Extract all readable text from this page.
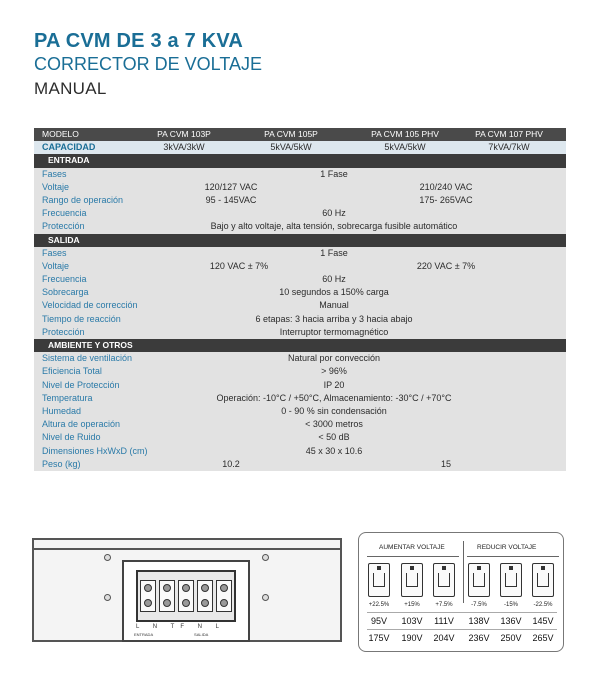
PA CVM DE 3 a 7 KVA
CORRECTOR DE VOLTAJE
MANUAL
MODELO	PA CVM 103P	PA CVM 105P	PA CVM 105 PHV	PA CVM 107 PHV
CAPACIDAD	3kVA/3kW	5kVA/5kW	5kVA/5kW	7kVA/7kW
ENTRADA
Fases	1 Fase
Voltaje	120/127 VAC	210/240 VAC
Rango de operación	95 - 145VAC	175- 265VAC
Frecuencia	60 Hz
Protección	Bajo y alto voltaje, alta tensión, sobrecarga fusible automático
SALIDA
Fases	1 Fase
Voltaje	120 VAC ± 7%	220 VAC ± 7%
Frecuencia	60 Hz
Sobrecarga	10 segundos a 150% carga
Velocidad de corrección	Manual
Tiempo de reacción	6 etapas: 3 hacia arriba y 3 hacia abajo
Protección	Interruptor termomagnético
AMBIENTE Y OTROS
Sistema de ventilación	Natural por convección
Eficiencia Total	> 96%
Nivel de Protección	IP 20
Temperatura	Operación: -10°C / +50°C, Almacenamiento: -30°C / +70°C
Humedad	0 - 90 % sin condensación
Altura de operación	< 3000 metros
Nivel de Ruido	< 50 dB
Dimensiones HxWxD (cm)	45 x 30 x 10.6
Peso (kg)	10.2	15
L N TF N L
ENTRADA	SALIDA
AUMENTAR VOLTAJE	REDUCIR VOLTAJE
+22.5% +15%	+7.5%	-7.5%	-15%	-22.5%
95V 103V 111V 138V 136V 145V
175V 190V 204V 236V 250V 265V
